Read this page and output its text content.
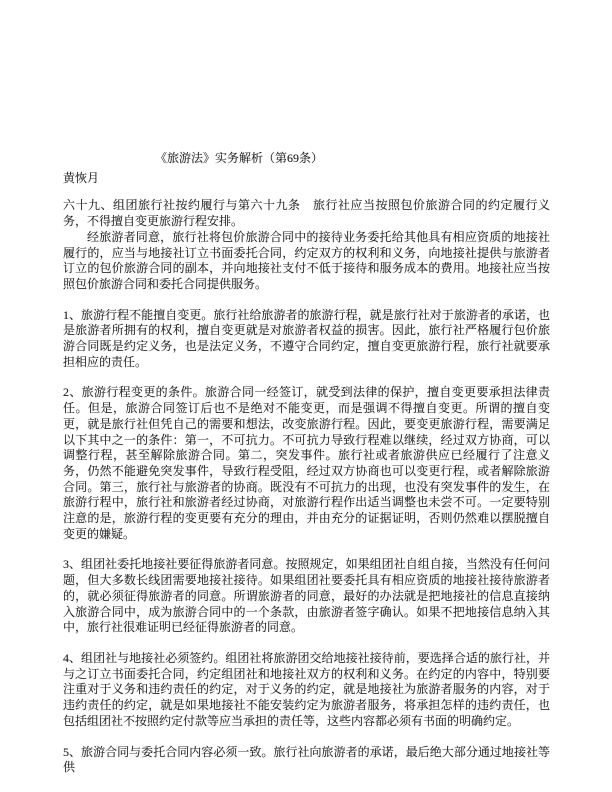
《旅游法》实务解析（第69条）
黄恢月

六十九、组团旅行社按约履行与第六十九条　旅行社应当按照包价旅游合同的约定履行义务，不得擅自变更旅游行程安排。

经旅游者同意，旅行社将包价旅游合同中的接待业务委托给其他具有相应资质的地接社履行的，应当与地接社订立书面委托合同，约定双方的权利和义务，向地接社提供与旅游者订立的包价旅游合同的副本，并向地接社支付不低于接待和服务成本的费用。地接社应当按照包价旅游合同和委托合同提供服务。

1、旅游行程不能擅自变更。旅行社给旅游者的旅游行程，就是旅行社对于旅游者的承诺，也是旅游者所拥有的权利，擅自变更就是对旅游者权益的损害。因此，旅行社严格履行包价旅游合同既是约定义务，也是法定义务，不遵守合同约定，擅自变更旅游行程，旅行社就要承担相应的责任。

2、旅游行程变更的条件。旅游合同一经签订，就受到法律的保护，擅自变更要承担法律责任。但是，旅游合同签订后也不是绝对不能变更，而是强调不得擅自变更。所谓的擅自变更，就是旅行社但凭自己的需要和想法，改变旅游行程。因此，要变更旅游行程，需要满足以下其中之一的条件：第一，不可抗力。不可抗力导致行程难以继续，经过双方协商，可以调整行程，甚至解除旅游合同。第二，突发事件。旅行社或者旅游供应已经履行了注意义务，仍然不能避免突发事件，导致行程受阻，经过双方协商也可以变更行程，或者解除旅游合同。第三，旅行社与旅游者的协商。既没有不可抗力的出现，也没有突发事件的发生，在旅游行程中，旅行社和旅游者经过协商，对旅游行程作出适当调整也未尝不可。一定要特别注意的是，旅游行程的变更要有充分的理由，并由充分的证据证明，否则仍然难以摆脱擅自变更的嫌疑。

3、组团社委托地接社要征得旅游者同意。按照规定，如果组团社自组自接，当然没有任何问题，但大多数长线团需要地接社接待。如果组团社要委托具有相应资质的地接社接待旅游者的，就必须征得旅游者的同意。所谓旅游者的同意，最好的办法就是把地接社的信息直接纳入旅游合同中，成为旅游合同中的一个条款，由旅游者签字确认。如果不把地接信息纳入其中，旅行社很难证明已经征得旅游者的同意。

4、组团社与地接社必须签约。组团社将旅游团交给地接社接待前，要选择合适的旅行社，并与之订立书面委托合同，约定组团社和地接社双方的权利和义务。在约定的内容中，特别要注重对于义务和违约责任的约定，对于义务的约定，就是地接社为旅游者服务的内容，对于违约责任的约定，就是如果地接社不能安装约定为旅游者服务，将承担怎样的违约责任，也包括组团社不按照约定付款等应当承担的责任等，这些内容都必须有书面的明确约定。

5、旅游合同与委托合同内容必须一致。旅行社向旅游者的承诺，最后绝大部分通过地接社等供
